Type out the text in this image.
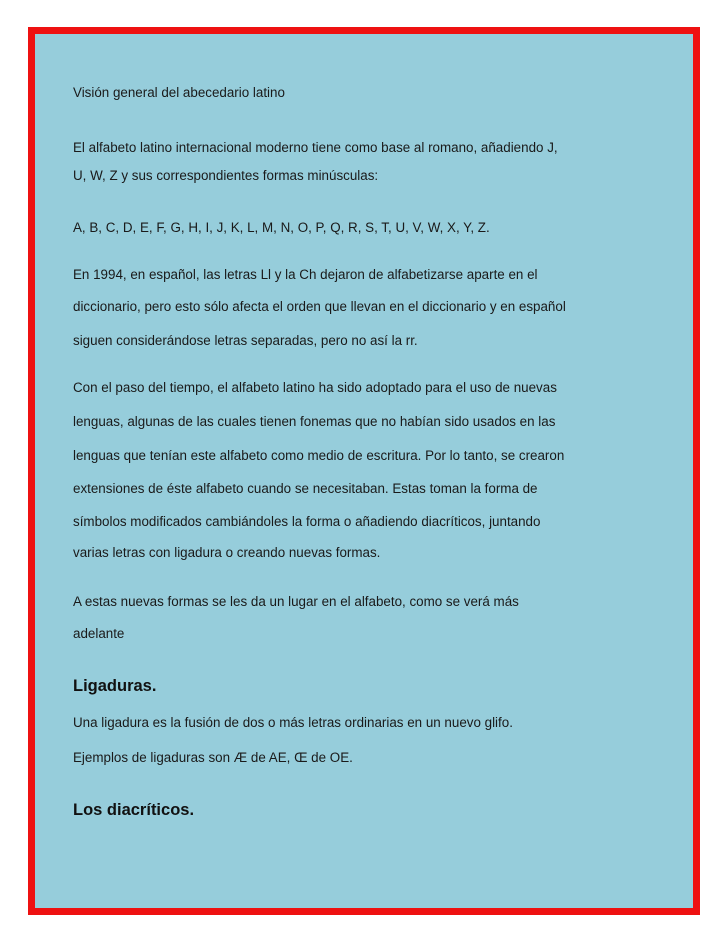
Visión general del abecedario latino
El alfabeto latino internacional moderno tiene como base al romano, añadiendo J,
U, W, Z y sus correspondientes formas minúsculas:
A, B, C, D, E, F, G, H, I, J, K, L, M, N, O, P, Q, R, S, T, U, V, W, X, Y, Z.
En 1994, en español, las letras Ll y la Ch dejaron de alfabetizarse aparte en el
diccionario, pero esto sólo afecta el orden que llevan en el diccionario y en español
siguen considerándose letras separadas, pero no así la rr.
Con el paso del tiempo, el alfabeto latino ha sido adoptado para el uso de nuevas
lenguas, algunas de las cuales tienen fonemas que no habían sido usados en las
lenguas que tenían este alfabeto como medio de escritura. Por lo tanto, se crearon
extensiones de éste alfabeto cuando se necesitaban. Estas toman la forma de
símbolos modificados cambiándoles la forma o añadiendo diacríticos, juntando
varias letras con ligadura o creando nuevas formas.
A estas nuevas formas se les da un lugar en el alfabeto, como se verá más
adelante
Ligaduras.
Una ligadura es la fusión de dos o más letras ordinarias en un nuevo glifo.
Ejemplos de ligaduras son Æ de AE, Œ de OE.
Los diacríticos.
